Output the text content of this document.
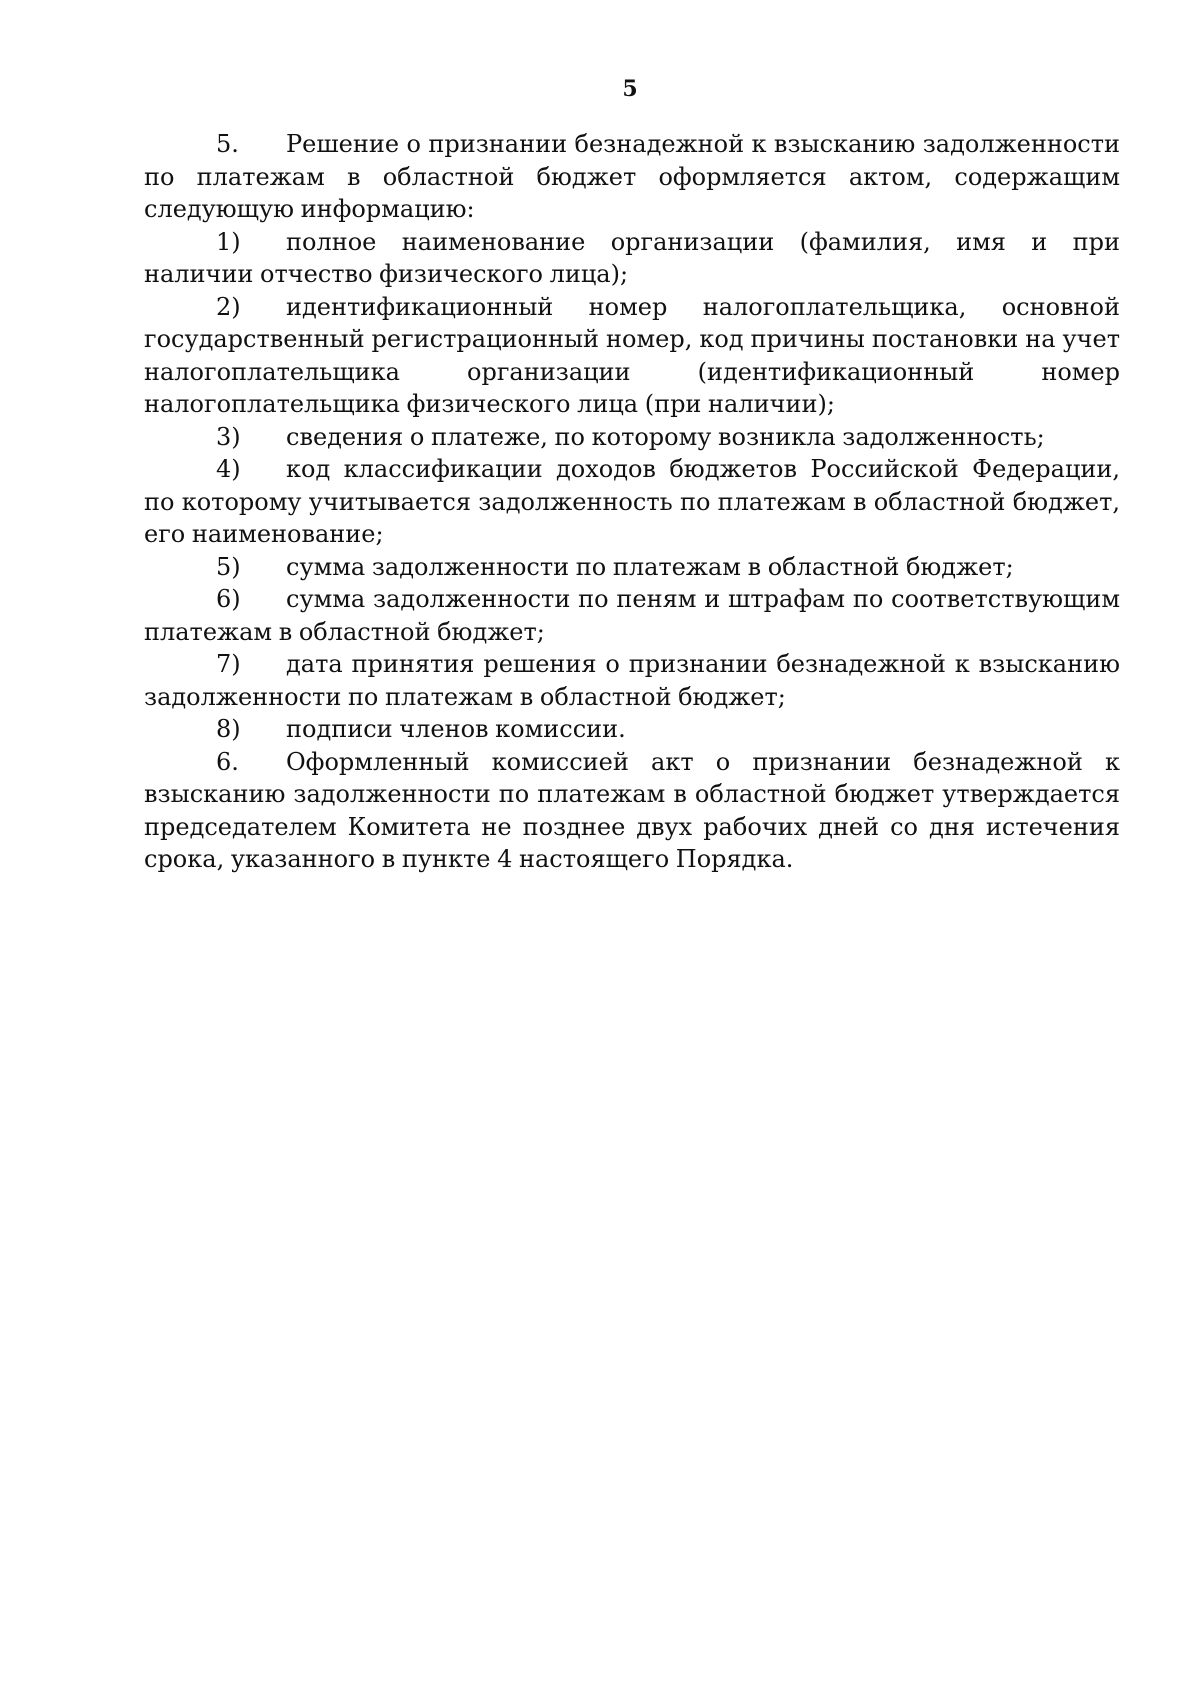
5

5. Решение о признании безнадежной к взысканию задолженности по платежам в областной бюджет оформляется актом, содержащим следующую информацию:

1) полное наименование организации (фамилия, имя и при наличии отчество физического лица);

2) идентификационный номер налогоплательщика, основной государственный регистрационный номер, код причины постановки на учет налогоплательщика организации (идентификационный номер налогоплательщика физического лица (при наличии);

3) сведения о платеже, по которому возникла задолженность;

4) код классификации доходов бюджетов Российской Федерации, по которому учитывается задолженность по платежам в областной бюджет, его наименование;

5) сумма задолженности по платежам в областной бюджет;

6) сумма задолженности по пеням и штрафам по соответствующим платежам в областной бюджет;

7) дата принятия решения о признании безнадежной к взысканию задолженности по платежам в областной бюджет;

8) подписи членов комиссии.

6. Оформленный комиссией акт о признании безнадежной к взысканию задолженности по платежам в областной бюджет утверждается председателем Комитета не позднее двух рабочих дней со дня истечения срока, указанного в пункте 4 настоящего Порядка.
